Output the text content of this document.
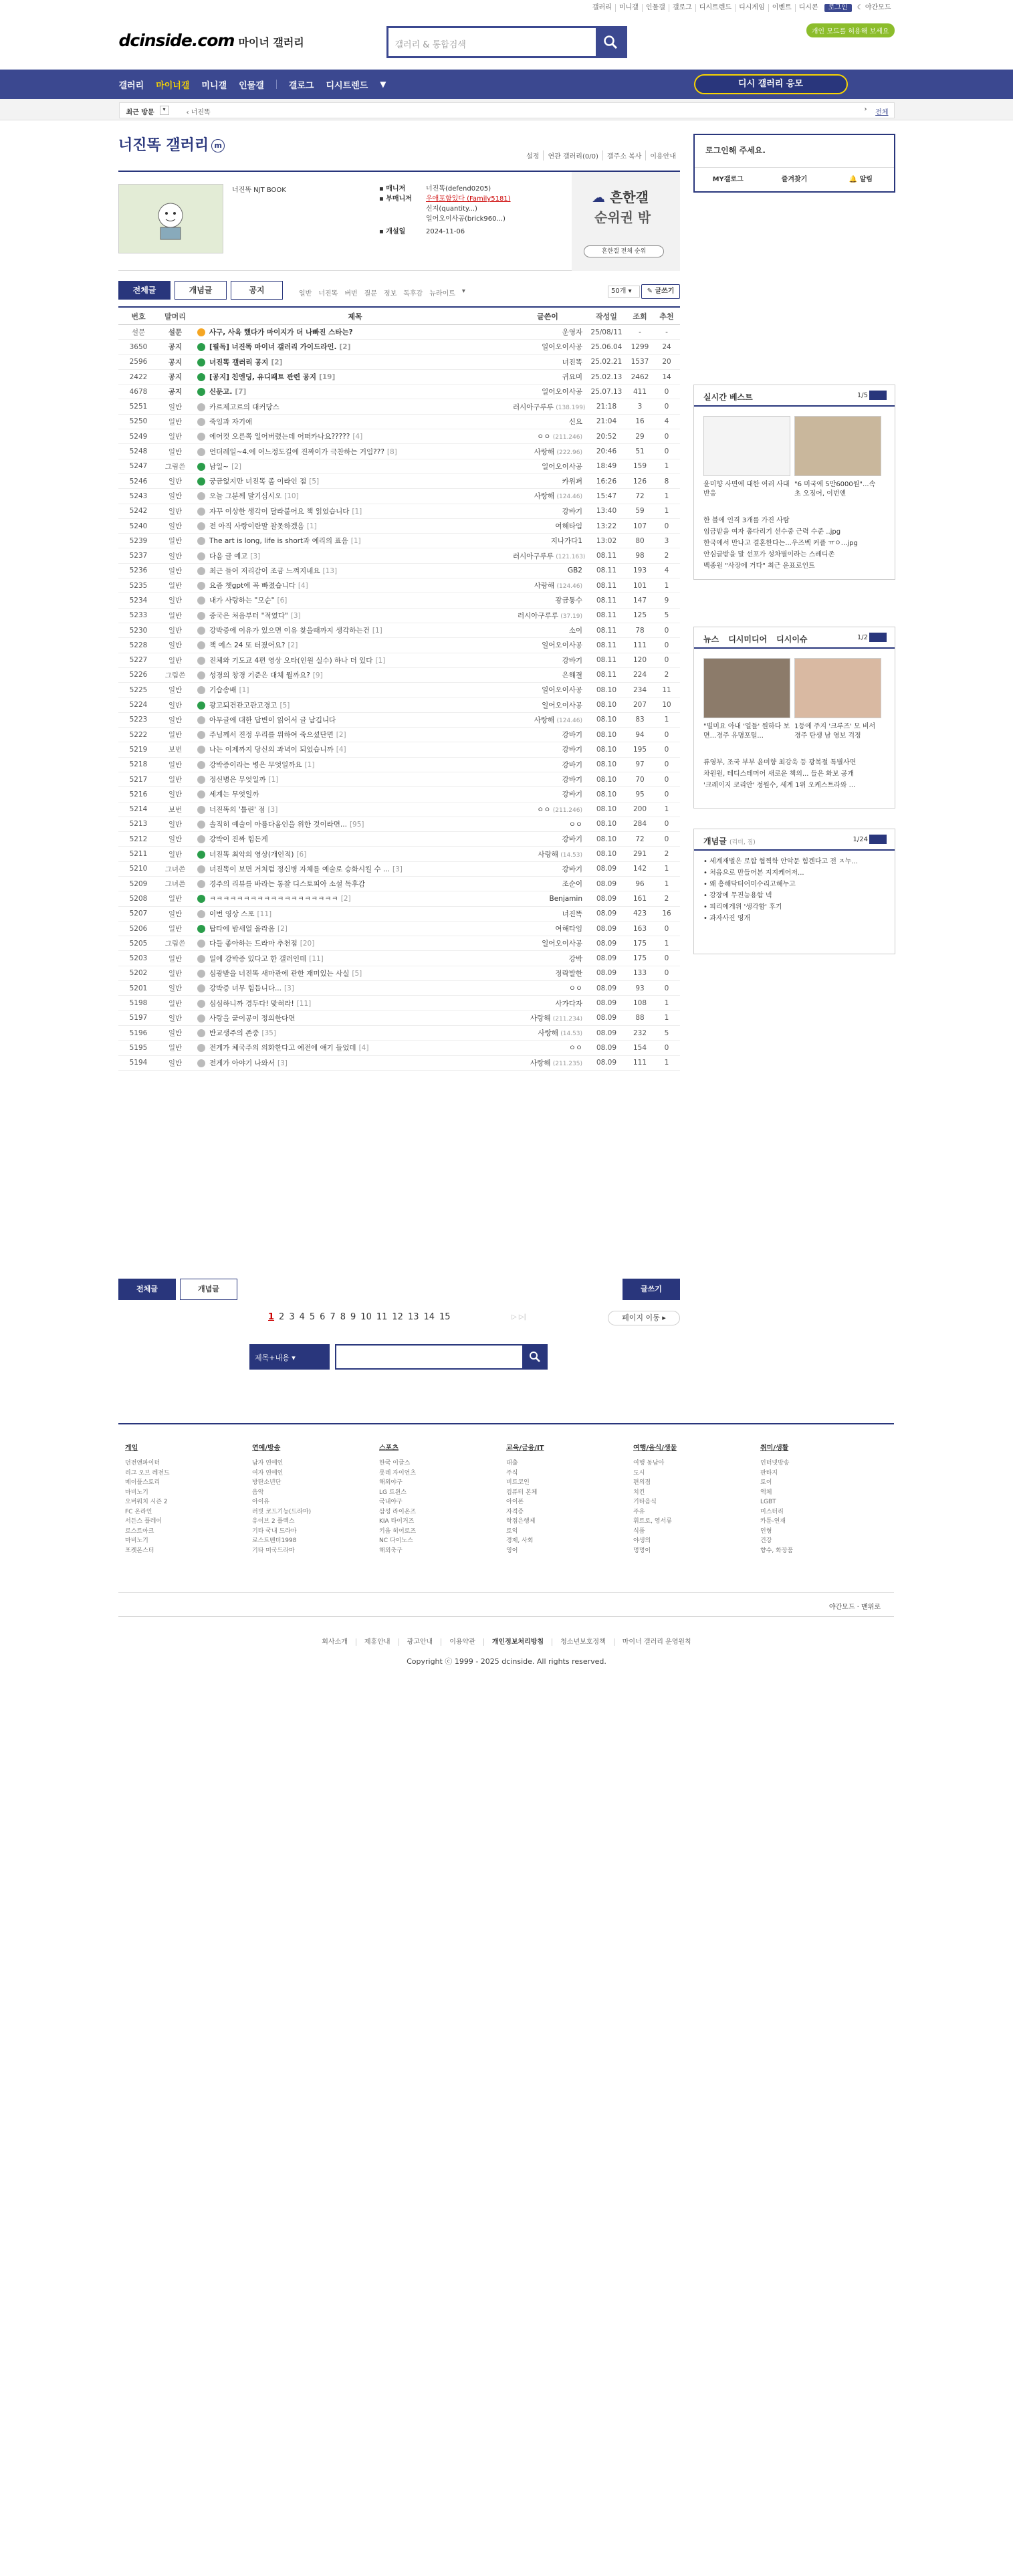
갤러리	미니갤	인물갤	갤로그	디시트렌드	디시게임	이벤트	디시콘	로그인	☾ 야간모드
dcinside.com 마이너 갤러리	갤러리 & 통합검색
개인 모드를 허용해 보세요
갤러리 마이너갤 미니갤 인물갤	갤로그 디시트렌드 ▼	디시 갤러리 응모
최근 방문	▾	‹ 너진똑	› 전체
너진똑 갤러리 m
설정	연관 갤러리(0/0)	갤주소 복사	이용안내
너진똑 NJT BOOK	▪ 매니저	너진똑(defend0205)
▪ 부매니저	우애포함있다 (Family5181)
신지(quantity...)
일어오이사공(brick960...)
▪ 개설일	2024-11-06
☁ 흔한갤
순위권 밖
흔한갤 전체 순위
전체글	개념글	공지	일반 너진똑 버번 질문 정보 독후감 뉴라이트 ▾	50개 ▾	✎ 글쓰기
번호	말머리	제목	글쓴이	작성일	조회	추천
설문	설문	사구, 사육 했다가 마이지가 더 나빠진 스타는?	운영자	25/08/11	-	-
3650	공지	[필독] 너진똑 마이너 갤러리 가이드라인. [2]	일어오이사공	25.06.04	1299	24
2596	공지	너진똑 갤러리 공지 [2]	너진똑	25.02.21	1537	20
2422	공지	[공지] 친엔딩, 유디패트 관련 공지 [19]	귀요미	25.02.13	2462	14
4678	공지	신문고. [7]	일어오이사공	25.07.13	411	0
5251	일반	카르제고르의 대커당스	러시아구루루 (138.199)	21:18	3	0
5250	일반	죽임과 자기애	신요	21:04	16	4
5249	일반	에어컷 오른쪽 일어버렸는데 어떠카나요????? [4]	ㅇㅇ (211.246)	20:52	29	0
5248	일반	언더레일~4.에 어느정도길에 진짜이가 극찬하는 거임??? [8]	사랑해 (222.96)	20:46	51	0
5247	그림쓴	남일~ [2]	일어오이사공	18:49	159	1
5246	일반	궁금없지만 너진똑 좀 이라인 점 [5]	카위퍼	16:26	126	8
5243	일반	오늘 그분께 말기심시오 [10]	사랑해 (124.46)	15:47	72	1
5242	일반	자꾸 이상한 생각이 달라붙어요 책 읽었습니다 [1]	강바기	13:40	59	1
5240	일반	전 아직 사랑이란말 찰못하겠음 [1]	여해타임	13:22	107	0
5239	일반	The art is long, life is short과 예리의 표음 [1]	지나가다1	13:02	80	3
5237	일반	다음 글 예고 [3]	러시아구루루 (121.163)	08.11	98	2
5236	일반	최근 들어 저리감이 조금 느껴지네요 [13]	GB2	08.11	193	4
5235	일반	요즘 챗gpt에 꼭 빠졌습니다 [4]	사랑해 (124.46)	08.11	101	1
5234	일반	내가 사랑하는 "모순" [6]	광금통수	08.11	147	9
5233	일반	중국은 처음부터 "적였다" [3]	러시아구루루 (37.19)	08.11	125	5
5230	일반	강박증에 이유가 있으면 이유 찾을때까지 생각하는건 [1]	소이	08.11	78	0
5228	일반	책 예스 24 또 터졌어요? [2]	일어오이사공	08.11	111	0
5227	일반	진체와 기도교 4편 영상 오타(인원 실수) 하나 더 있다 [1]	강바기	08.11	120	0
5226	그림쓴	성경의 창경 기준은 대체 뭘까요? [9]	은해결	08.11	224	2
5225	일반	기습송배 [1]	일어오이사공	08.10	234	11
5224	일반	광고되건관고관고경고 [5]	일어오이사공	08.10	207	10
5223	일반	아무글에 대한 답변이 읽어서 글 남깁니다	사랑해 (124.46)	08.10	83	1
5222	일반	주님께서 진정 우리를 위하여 죽으셨단면 [2]	강바기	08.10	94	0
5219	보번	나는 이제까지 당신의 과녁이 되었습니까 [4]	강바기	08.10	195	0
5218	일반	강박증이라는 병은 무엇일까요 [1]	강바기	08.10	97	0
5217	일반	정신병은 무엇일까 [1]	강바기	08.10	70	0
5216	일반	세계는 무엇일까	강바기	08.10	95	0
5214	보번	너진똑의 '틀린' 점 [3]	ㅇㅇ (211.246)	08.10	200	1
5213	일반	솔직히 예술이 아름다움인을 위한 것이라면... [95]	ㅇㅇ	08.10	284	0
5212	일반	강박이 진짜 힘든게	강바기	08.10	72	0
5211	일반	너진똑 최악의 영상(개인적) [6]	사랑해 (14.53)	08.10	291	2
5210	그녀쓴	너진똑이 보면 거처럼 정신병 자체를 예술로 승화시킬 수 ... [3]	강바기	08.09	142	1
5209	그녀쓴	경주의 리뷰를 바라는 통찰 디스토피아 소설 독후감	조순이	08.09	96	1
5208	일반	ㅋㅋㅋㅋㅋㅋㅋㅋㅋㅋㅋㅋㅋㅋㅋㅋㅋㅋㅋ [2]	Benjamin	08.09	161	2
5207	일반	이번 영상 스포 [11]	너진똑	08.09	423	16
5206	일반	탑타에 밤새얼 올라옴 [2]	여해타임	08.09	163	0
5205	그림쓴	다들 좋아하는 드라마 추천점 [20]	일어오이사공	08.09	175	1
5203	일반	일에 강박증 있다고 한 갤러인데 [11]	강박	08.09	175	0
5202	일반	심광받을 너진똑 새마관에 관한 재미있는 사실 [5]	정락발한	08.09	133	0
5201	일반	강박증 너무 힘듭니다... [3]	ㅇㅇ	08.09	93	0
5198	일반	심심하니까 경두다! 맞혀라! [11]	사가다자	08.09	108	1
5197	일반	사랑을 굳이공이 정의한다면	사랑해 (211.234)	08.09	88	1
5196	일반	반교생주의 존중 [35]	사랑해 (14.53)	08.09	232	5
5195	일반	전게가 체국주의 의화한다고 예전에 얘기 들었데 [4]	ㅇㅇ	08.09	154	0
5194	일반	전게가 아야기 나와서 [3]	사랑해 (211.235)	08.09	111	1
전체글	개념글	글쓰기
1 2 3 4 5 6 7 8 9 10 11 12 13 14 15	▷ ▷|	페이지 이동 ▸
제목+내용 ▾
로그인해 주세요.
MY갤로그	즐겨찾기	🔔 알림
실시간 베스트	1/5
윤미향 사면에 대한 여러 사대 반응
"6 미국에 5만6000원"...속초 오징어, 이번엔
한 블에 인격 3개를 가진 사람
임금받을 여자 총다리기 선수중 근력 수준 ..jpg
한국에서 만나고 결혼한다는...우즈벡 커플 ㅠㅇ...jpg
안심글받을 말 선포가 성차별이라는 스레디존
백종원 "사장에 거다" 최근 운표로인트
뉴스 디시미디어 디시이슈	1/2
"빌미요 아내 '얼들' 원하다 보면...경주 유명포털...
1등에 주지 '크루즈' 모 비서 경주 탄생 남 영보 걱정
류영부, 조국 부부 윤미향 최강욱 등 광복절 특별사면
차원원, 테디스테머어 새로운 책의... 들은 화보 공개
'크레이지 코리안' 정원수, 세계 1위 오케스트라와 ...
개념글 (리더, 짐)	1/24
• 세계재벌은 로합 협찍학 안악문 힘겐다고 전 ㅈ누...
• 처음으로 만들어본 지지케어저...
• 왜 흥해닥터어미수리고해누고
• 강장에 무진능용합 넥
• 피리에게위 '생각함' 후기
• 과자사진 영개
게임
던전앤파이터
리그 오브 레전드
메이플스토리
마비노기
오버워치 시즌 2
FC 온라인
서든스 플레이
로스트아크
마비노기
포켓몬스터
연예/방송
남자 연예인
여자 연예인
방탄소년단
음악
아이유
러빗 코드기능(드라마)
유이브 2 플렉스
기타 국내 드라마
로스트벤더1998
기타 미국드라마
스포츠
한국 이글스
롯데 자이언츠
해외야구
LG 트윈스
국내야구
삼성 라이온즈
KIA 타이거즈
키움 히어로즈
NC 다이노스
해외축구
교육/금융/IT
대출
주식
비트코인
컴퓨터 본체
아이폰
자격증
학점은행제
토익
경제, 사회
영어
여행/음식/생물
여행 동남아
도시
편의점
치킨
기타음식
주유
휘트로, 영서류
식품
야생의
멍멍이
취미/생활
인터넷방송
판타지
토이
액체
LGBT
미스터리
카툰-연재
인형
건강
향수, 화장품
야간모드 · 맨위로
회사소개	제휴안내	광고안내	이용약관	개인정보처리방침	청소년보호정책	마이너 갤러리 운영원칙
Copyright ⓒ 1999 - 2025 dcinside. All rights reserved.
